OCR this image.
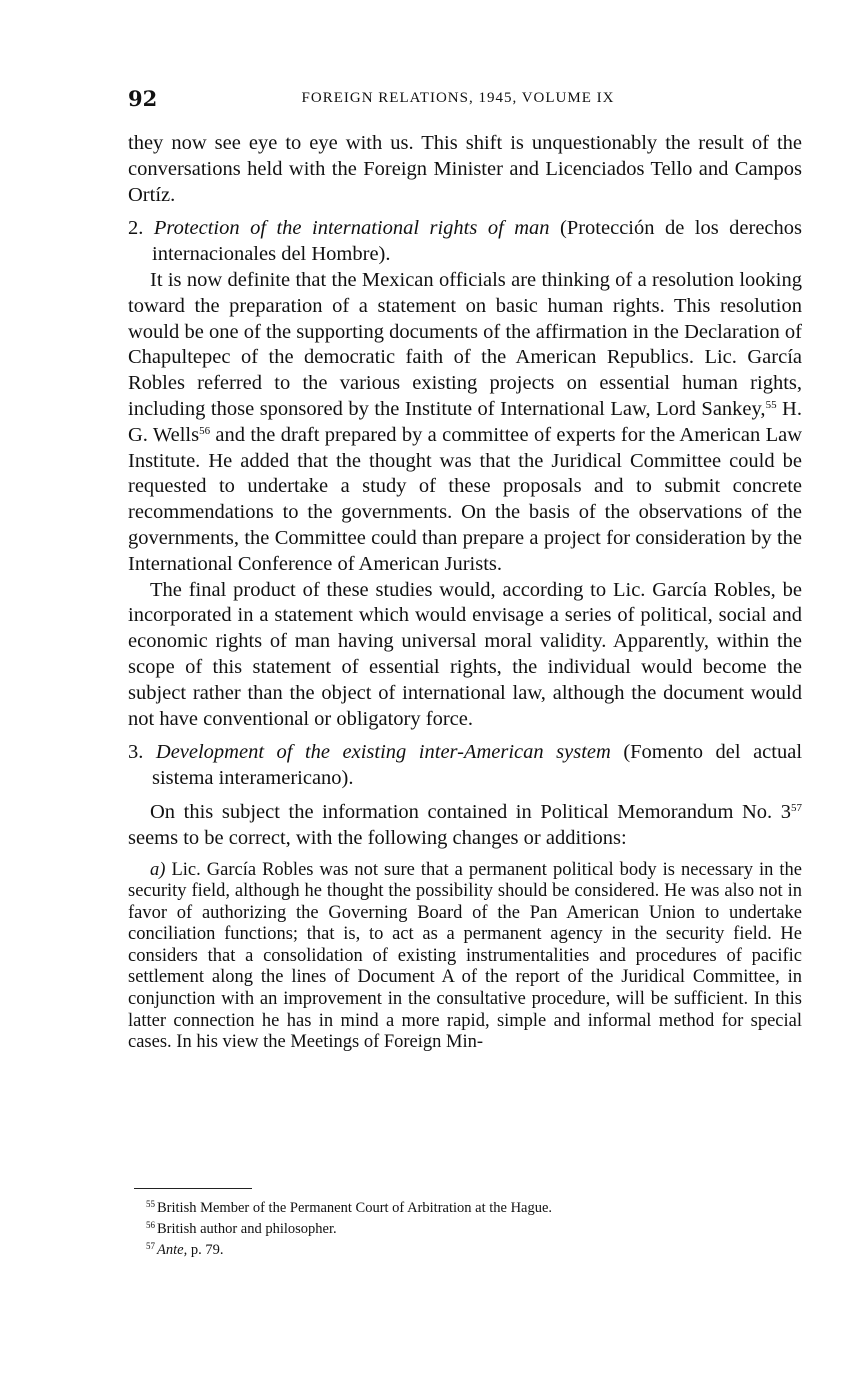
92	FOREIGN RELATIONS, 1945, VOLUME IX

they now see eye to eye with us. This shift is unquestionably the result of the conversations held with the Foreign Minister and Licenciados Tello and Campos Ortíz.

2. Protection of the international rights of man (Protección de los derechos internacionales del Hombre).

It is now definite that the Mexican officials are thinking of a resolution looking toward the preparation of a statement on basic human rights. This resolution would be one of the supporting documents of the affirmation in the Declaration of Chapultepec of the democratic faith of the American Republics. Lic. García Robles referred to the various existing projects on essential human rights, including those sponsored by the Institute of International Law, Lord Sankey,$^{55}$ H. G. Wells$^{56}$ and the draft prepared by a committee of experts for the American Law Institute. He added that the thought was that the Juridical Committee could be requested to undertake a study of these proposals and to submit concrete recommendations to the governments. On the basis of the observations of the governments, the Committee could than prepare a project for consideration by the International Conference of American Jurists.

The final product of these studies would, according to Lic. García Robles, be incorporated in a statement which would envisage a series of political, social and economic rights of man having universal moral validity. Apparently, within the scope of this statement of essential rights, the individual would become the subject rather than the object of international law, although the document would not have conventional or obligatory force.

3. Development of the existing inter-American system (Fomento del actual sistema interamericano).

On this subject the information contained in Political Memorandum No. $3^{57}$ seems to be correct, with the following changes or additions:

a) Lic. García Robles was not sure that a permanent political body is necessary in the security field, although he thought the possibility should be considered. He was also not in favor of authorizing the Governing Board of the Pan American Union to undertake conciliation functions; that is, to act as a permanent agency in the security field. He considers that a consolidation of existing instrumentalities and procedures of pacific settlement along the lines of Document A of the report of the Juridical Committee, in conjunction with an improvement in the consultative procedure, will be sufficient. In this latter connection he has in mind a more rapid, simple and informal method for special cases. In his view the Meetings of Foreign Min-

$^{55}$ British Member of the Permanent Court of Arbitration at the Hague.
$^{56}$ British author and philosopher.
$^{57}$ Ante, p. 79.
